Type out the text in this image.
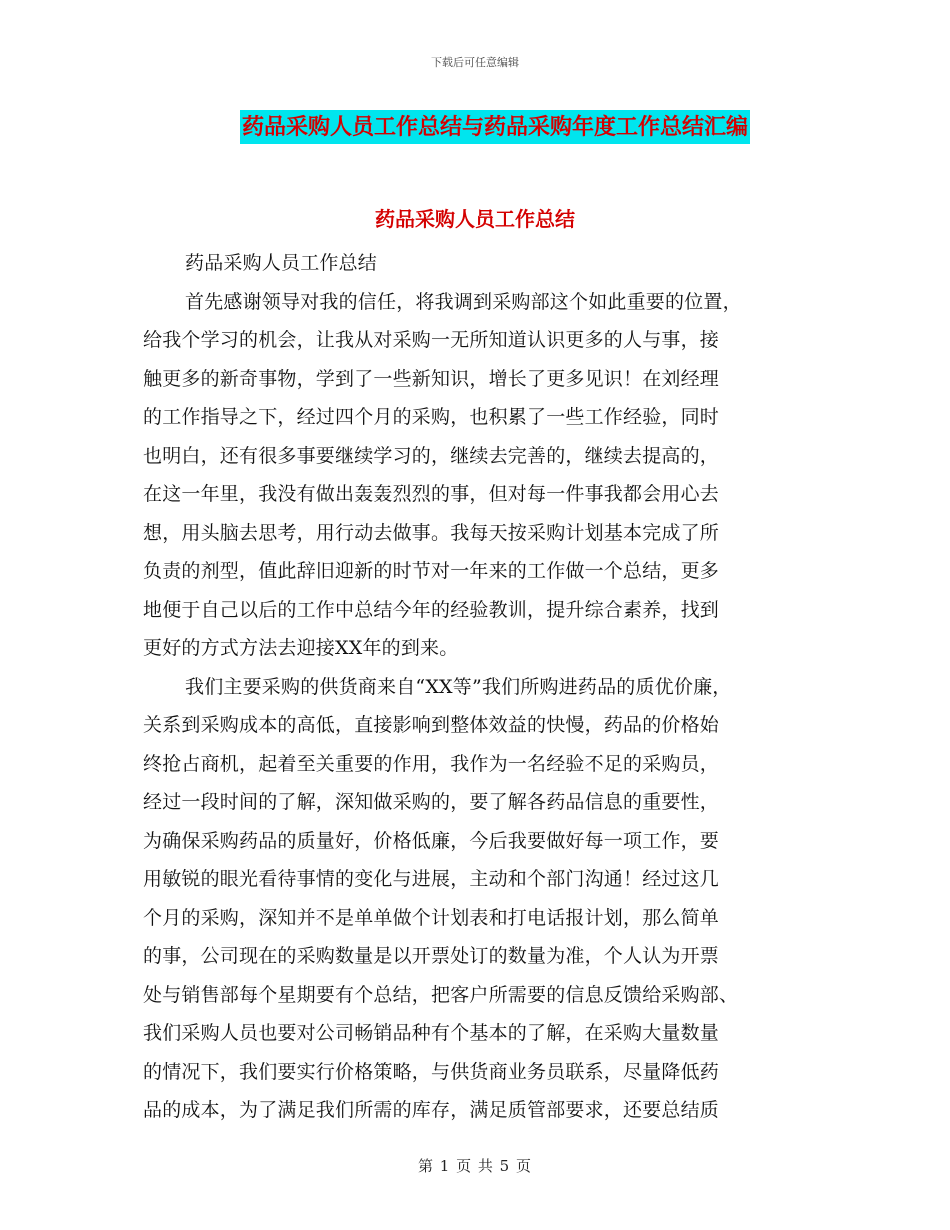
下载后可任意编辑
药品采购人员工作总结与药品采购年度工作总结汇编
药品采购人员工作总结
药品采购人员工作总结
首先感谢领导对我的信任，将我调到采购部这个如此重要的位置，
给我个学习的机会，让我从对采购一无所知道认识更多的人与事，接
触更多的新奇事物，学到了一些新知识，增长了更多见识！在刘经理
的工作指导之下，经过四个月的采购，也积累了一些工作经验，同时
也明白，还有很多事要继续学习的，继续去完善的，继续去提高的，
在这一年里，我没有做出轰轰烈烈的事，但对每一件事我都会用心去
想，用头脑去思考，用行动去做事。我每天按采购计划基本完成了所
负责的剂型，值此辞旧迎新的时节对一年来的工作做一个总结，更多
地便于自己以后的工作中总结今年的经验教训，提升综合素养，找到
更好的方式方法去迎接XX年的到来。
我们主要采购的供货商来自“XX等”我们所购进药品的质优价廉，
关系到采购成本的高低，直接影响到整体效益的快慢，药品的价格始
终抢占商机，起着至关重要的作用，我作为一名经验不足的采购员，
经过一段时间的了解，深知做采购的，要了解各药品信息的重要性，
为确保采购药品的质量好，价格低廉，今后我要做好每一项工作，要
用敏锐的眼光看待事情的变化与进展，主动和个部门沟通！经过这几
个月的采购，深知并不是单单做个计划表和打电话报计划，那么简单
的事，公司现在的采购数量是以开票处订的数量为准，个人认为开票
处与销售部每个星期要有个总结，把客户所需要的信息反馈给采购部、
我们采购人员也要对公司畅销品种有个基本的了解，在采购大量数量
的情况下，我们要实行价格策略，与供货商业务员联系，尽量降低药
品的成本，为了满足我们所需的库存，满足质管部要求，还要总结质
第 1 页 共 5 页
